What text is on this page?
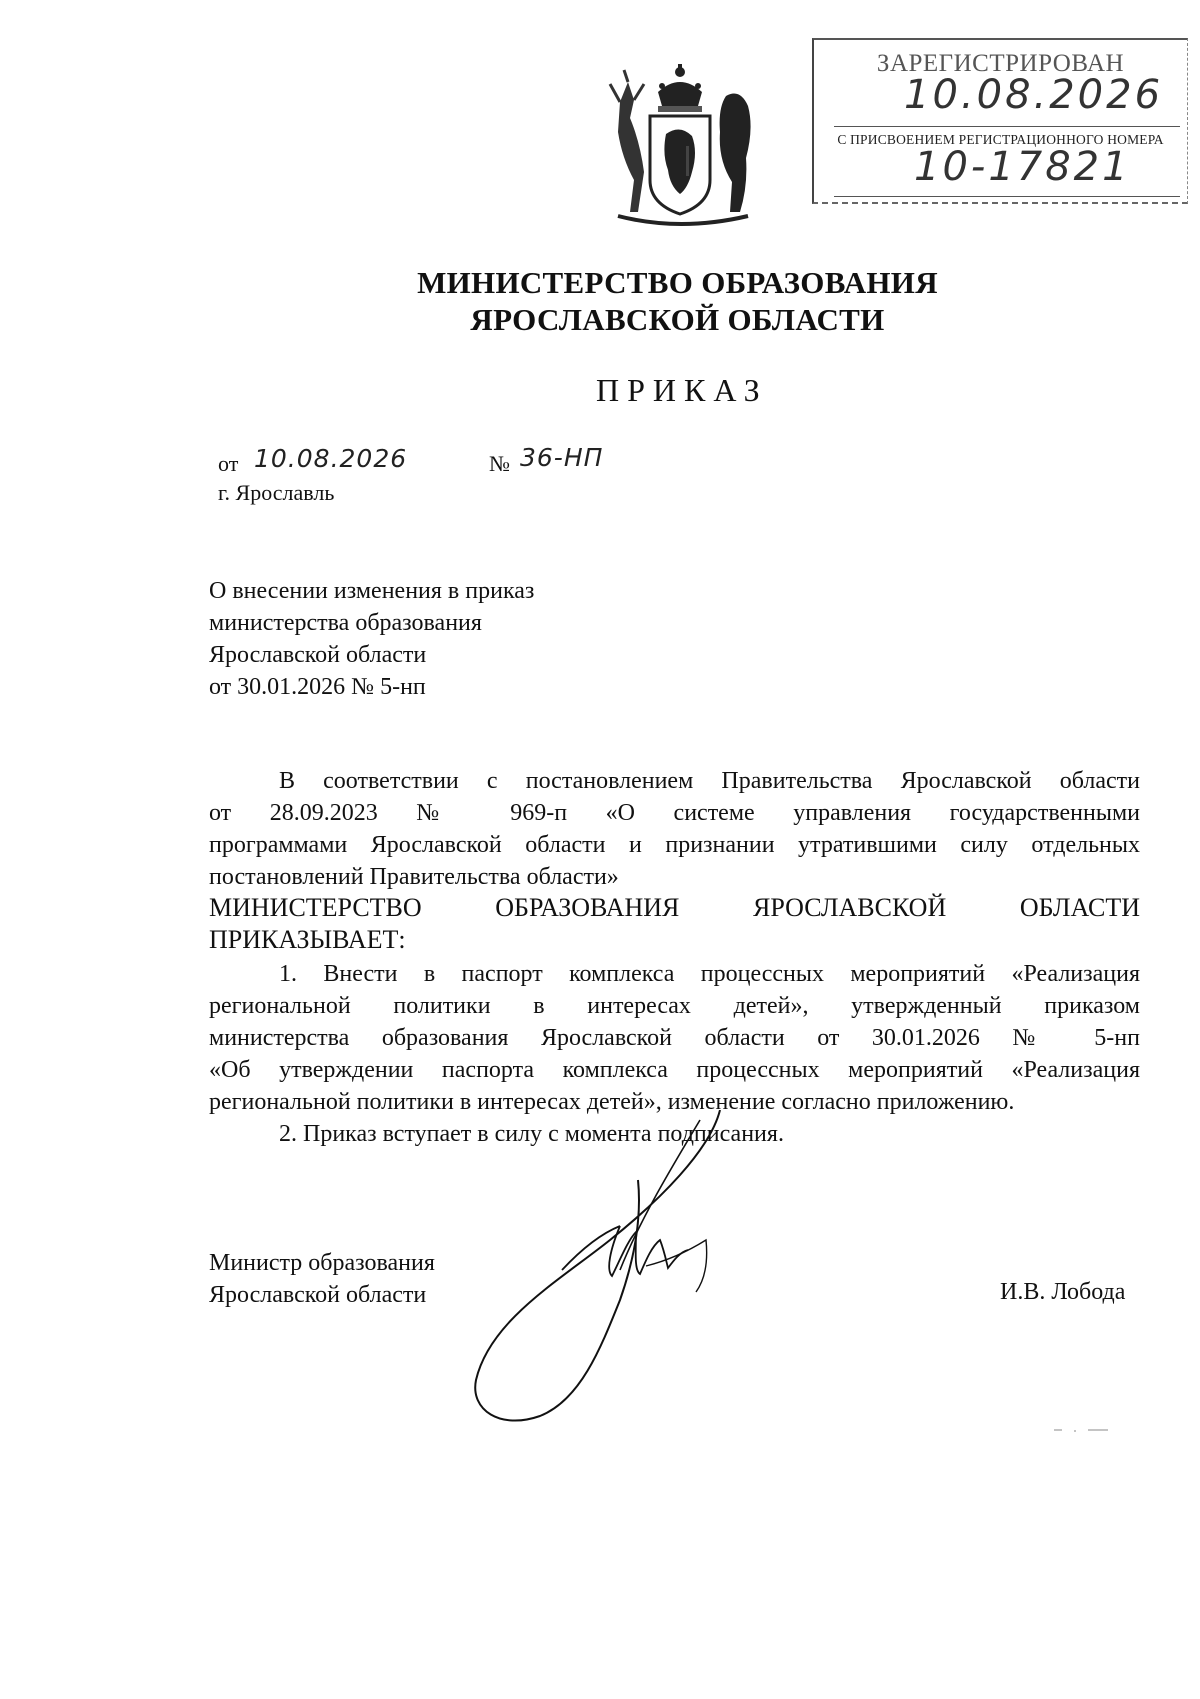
ЗАРЕГИСТРИРОВАН
10.08.2026
С ПРИСВОЕНИЕМ РЕГИСТРАЦИОННОГО НОМЕРА
10-17821
МИНИСТЕРСТВО ОБРАЗОВАНИЯ
ЯРОСЛАВСКОЙ ОБЛАСТИ
ПРИКАЗ
от 10.08.2026	№ 36-НП
г. Ярославль
О внесении изменения в приказ
министерства образования
Ярославской области
от 30.01.2026 № 5-нп
В соответствии с постановлением Правительства Ярославской области
от 28.09.2023 № 969-п «О системе управления государственными
программами Ярославской области и признании утратившими силу отдельных
постановлений Правительства области»
МИНИСТЕРСТВО ОБРАЗОВАНИЯ ЯРОСЛАВСКОЙ ОБЛАСТИ
ПРИКАЗЫВАЕТ:
1. Внести в паспорт комплекса процессных мероприятий «Реализация
региональной политики в интересах детей», утвержденный приказом
министерства образования Ярославской области от 30.01.2026 № 5-нп
«Об утверждении паспорта комплекса процессных мероприятий «Реализация
региональной политики в интересах детей», изменение согласно приложению.
2. Приказ вступает в силу с момента подписания.
Министр образования
Ярославской области	И.В. Лобода
